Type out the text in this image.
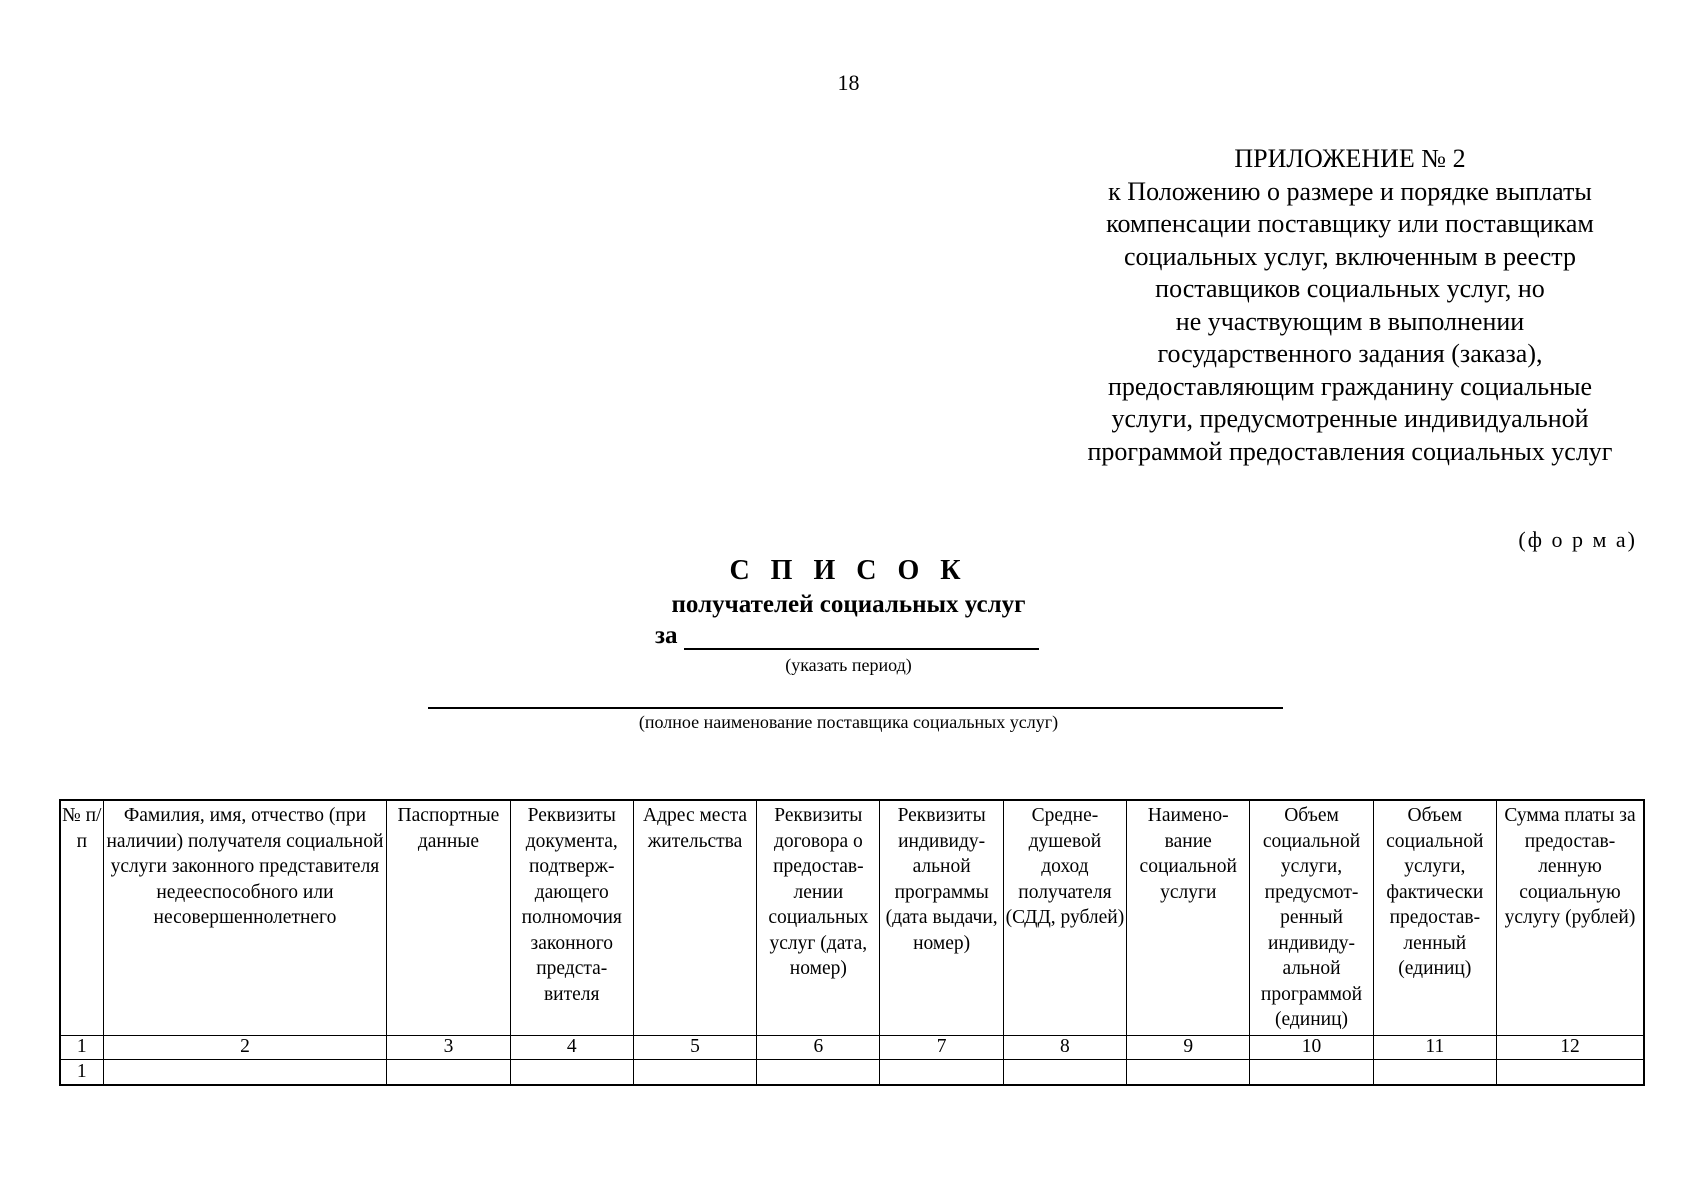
18
ПРИЛОЖЕНИЕ № 2
к Положению о размере и порядке выплаты
компенсации поставщику или поставщикам
социальных услуг, включенным в реестр
поставщиков социальных услуг, но
не участвующим в выполнении
государственного задания (заказа),
предоставляющим гражданину социальные
услуги, предусмотренные индивидуальной
программой предоставления социальных услуг
(ф о р м а)
С П И С О К
получателей социальных услуг
за
(указать период)
(полное наименование поставщика социальных услуг)
№ п/п	Фамилия, имя, отчество (при наличии) получателя социальной услуги законного представителя недееспособного или несовершеннолетнего	Паспортные данные	Реквизиты документа, подтверж-дающего полномочия законного предста-вителя	Адрес места жительства	Реквизиты договора о предостав-лении социальных услуг (дата, номер)	Реквизиты индивиду-альной программы (дата выдачи, номер)	Средне-душевой доход получателя (СДД, рублей)	Наимено-вание социальной услуги	Объем социальной услуги, предусмот-ренный индивиду-альной программой (единиц)	Объем социальной услуги, фактически предостав-ленный (единиц)	Сумма платы за предостав-ленную социальную услугу (рублей)
1	2	3	4	5	6	7	8	9	10	11	12
1											
